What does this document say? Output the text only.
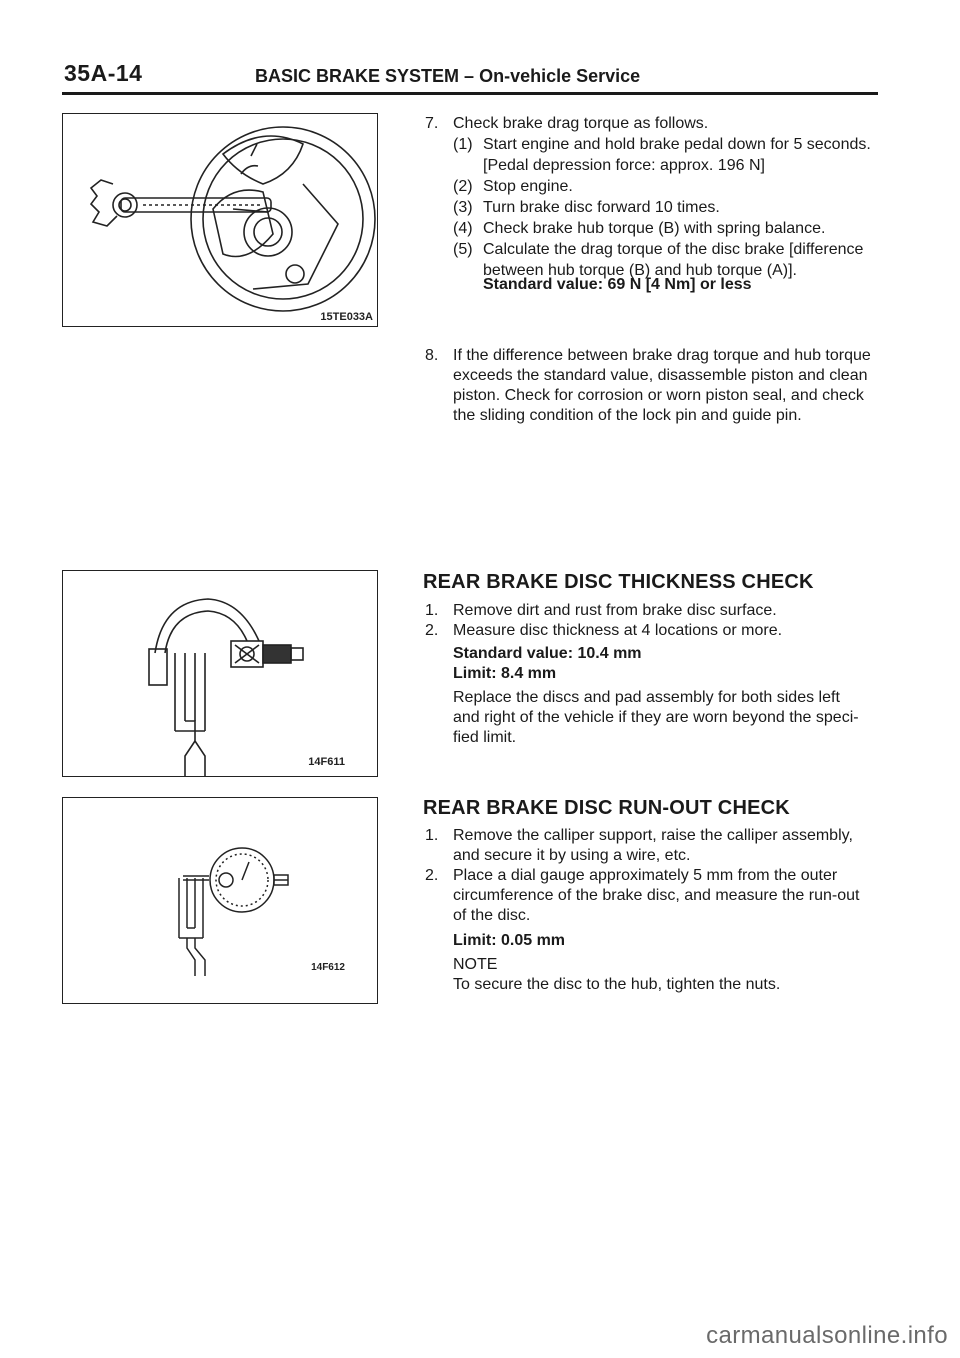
35A-14	BASIC BRAKE SYSTEM – On-vehicle Service
15TE033A
7. Check brake drag torque as follows.
(1) Start engine and hold brake pedal down for 5 seconds.
[Pedal depression force: approx. 196 N]
(2) Stop engine.
(3) Turn brake disc forward 10 times.
(4) Check brake hub torque (B) with spring balance.
(5) Calculate the drag torque of the disc brake [difference
between hub torque (B) and hub torque (A)].
Standard value: 69 N [4 Nm] or less
8. If the difference between brake drag torque and hub torque
exceeds the standard value, disassemble piston and clean
piston. Check for corrosion or worn piston seal, and check
the sliding condition of the lock pin and guide pin.
14F611
REAR BRAKE DISC THICKNESS CHECK
1. Remove dirt and rust from brake disc surface.
2. Measure disc thickness at 4 locations or more.
Standard value: 10.4 mm
Limit: 8.4 mm
Replace the discs and pad assembly for both sides left
and right of the vehicle if they are worn beyond the speci-
fied limit.
14F612
REAR BRAKE DISC RUN-OUT CHECK
1. Remove the calliper support, raise the calliper assembly,
and secure it by using a wire, etc.
2. Place a dial gauge approximately 5 mm from the outer
circumference of the brake disc, and measure the run-out
of the disc.
Limit: 0.05 mm
NOTE
To secure the disc to the hub, tighten the nuts.
carmanualsonline.info
